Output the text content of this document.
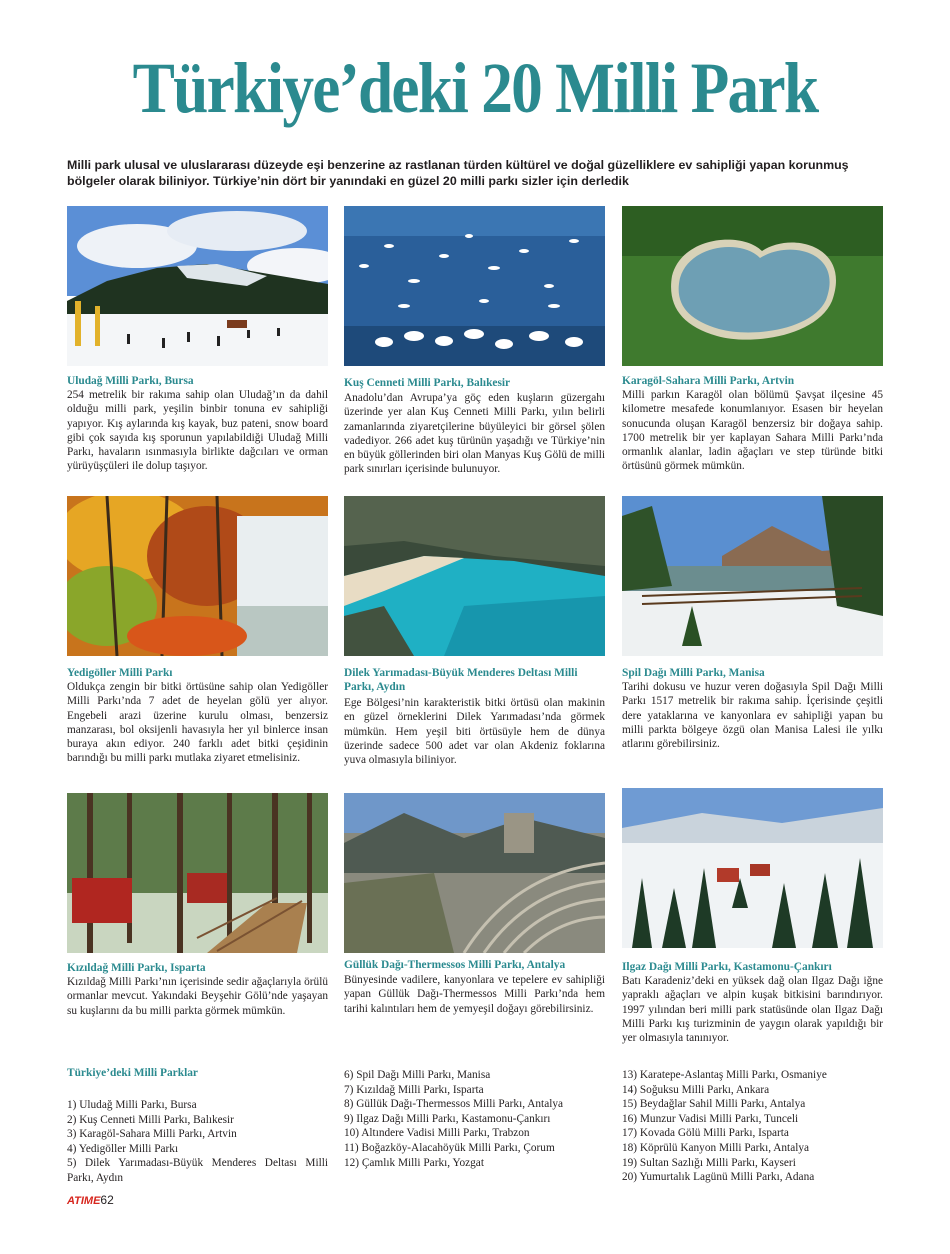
Türkiye’deki 20 Milli Park
Milli park ulusal ve uluslararası düzeyde eşi benzerine az rastlanan türden kültürel ve doğal güzelliklere ev sahipliği yapan korunmuş bölgeler olarak biliniyor. Türkiye’nin dört bir yanındaki en güzel 20 milli parkı sizler için derledik
Uludağ Milli Parkı, Bursa
254 metrelik bir rakıma sahip olan Uludağ’ın da dahil olduğu milli park, yeşilin binbir tonuna ev sahipliği yapıyor. Kış aylarında kış kayak, buz pateni, snow board gibi çok sayıda kış sporunun yapılabildiği Uludağ Milli Parkı, havaların ısınmasıyla birlikte dağcıları ve orman yürüyüşçüleri ile dolup taşıyor.
Kuş Cenneti Milli Parkı, Balıkesir
Anadolu’dan Avrupa’ya göç eden kuşların güzergahı üzerinde yer alan Kuş Cenneti Milli Parkı, yılın belirli zamanlarında ziyaretçilerine büyüleyici bir görsel şölen vadediyor. 266 adet kuş türünün yaşadığı ve Türkiye’nin en büyük göllerinden biri olan Manyas Kuş Gölü de milli park sınırları içerisinde bulunuyor.
Karagöl-Sahara Milli Parkı, Artvin
Milli parkın Karagöl olan bölümü Şavşat ilçesine 45 kilometre mesafede konumlanıyor. Esasen bir heyelan sonucunda oluşan Karagöl benzersiz bir doğaya sahip. 1700 metrelik bir yer kaplayan Sahara Milli Parkı’nda ormanlık alanlar, ladin ağaçları ve step türünde bitki örtüsünü görmek mümkün.
Yedigöller Milli Parkı
Oldukça zengin bir bitki örtüsüne sahip olan Yedigöller Milli Parkı’nda 7 adet de heyelan gölü yer alıyor. Engebeli arazi üzerine kurulu olması, benzersiz manzarası, bol oksijenli havasıyla her yıl binlerce insan buraya akın ediyor. 240 farklı adet bitki çeşidinin barındığı bu milli parkı mutlaka ziyaret etmelisiniz.
Dilek Yarımadası-Büyük Menderes Deltası Milli Parkı, Aydın
Ege Bölgesi’nin karakteristik bitki örtüsü olan makinin en güzel örneklerini Dilek Yarımadası’nda görmek mümkün. Hem yeşil biti örtüsüyle hem de dünya üzerinde sadece 500 adet var olan Akdeniz foklarına yuva olmasıyla biliniyor.
Spil Dağı Milli Parkı, Manisa
Tarihi dokusu ve huzur veren doğasıyla Spil Dağı Milli Parkı 1517 metrelik bir rakıma sahip. İçerisinde çeşitli dere yataklarına ve kanyonlara ev sahipliği yapan bu milli parkta bölgeye özgü olan Manisa Lalesi ile yılkı atlarını görebilirsiniz.
Kızıldağ Milli Parkı, Isparta
Kızıldağ Milli Parkı’nın içerisinde sedir ağaçlarıyla örülü ormanlar mevcut. Yakındaki Beyşehir Gölü’nde yaşayan su kuşlarını da bu milli parkta görmek mümkün.
Güllük Dağı-Thermessos Milli Parkı, Antalya
Bünyesinde vadilere, kanyonlara ve tepelere ev sahipliği yapan Güllük Dağı-Thermessos Milli Parkı’nda hem tarihi kalıntıları hem de yemyeşil doğayı görebilirsiniz.
Ilgaz Dağı Milli Parkı, Kastamonu-Çankırı
Batı Karadeniz’deki en yüksek dağ olan Ilgaz Dağı iğne yapraklı ağaçları ve alpin kuşak bitkisini barındırıyor. 1997 yılından beri milli park statüsünde olan Ilgaz Dağı Milli Parkı kış turizminin de yaygın olarak yapıldığı bir yer olmasıyla tanınıyor.
Türkiye’deki Milli Parklar
1) Uludağ Milli Parkı, Bursa
2) Kuş Cenneti Milli Parkı, Balıkesir
3) Karagöl-Sahara Milli Parkı, Artvin
4) Yedigöller Milli Parkı
5) Dilek Yarımadası-Büyük Menderes Deltası Milli Parkı, Aydın
6) Spil Dağı Milli Parkı, Manisa
7) Kızıldağ Milli Parkı, Isparta
8) Güllük Dağı-Thermessos Milli Parkı, Antalya
9) Ilgaz Dağı Milli Parkı, Kastamonu-Çankırı
10) Altındere Vadisi Milli Parkı, Trabzon
11) Boğazköy-Alacahöyük Milli Parkı, Çorum
12) Çamlık Milli Parkı, Yozgat
13) Karatepe-Aslantaş Milli Parkı, Osmaniye
14) Soğuksu Milli Parkı, Ankara
15) Beydağlar Sahil Milli Parkı, Antalya
16) Munzur Vadisi Milli Parkı, Tunceli
17) Kovada Gölü Milli Parkı, Isparta
18) Köprülü Kanyon Milli Parkı, Antalya
19) Sultan Sazlığı Milli Parkı, Kayseri
20) Yumurtalık Lagünü Milli Parkı, Adana
ATIME62
